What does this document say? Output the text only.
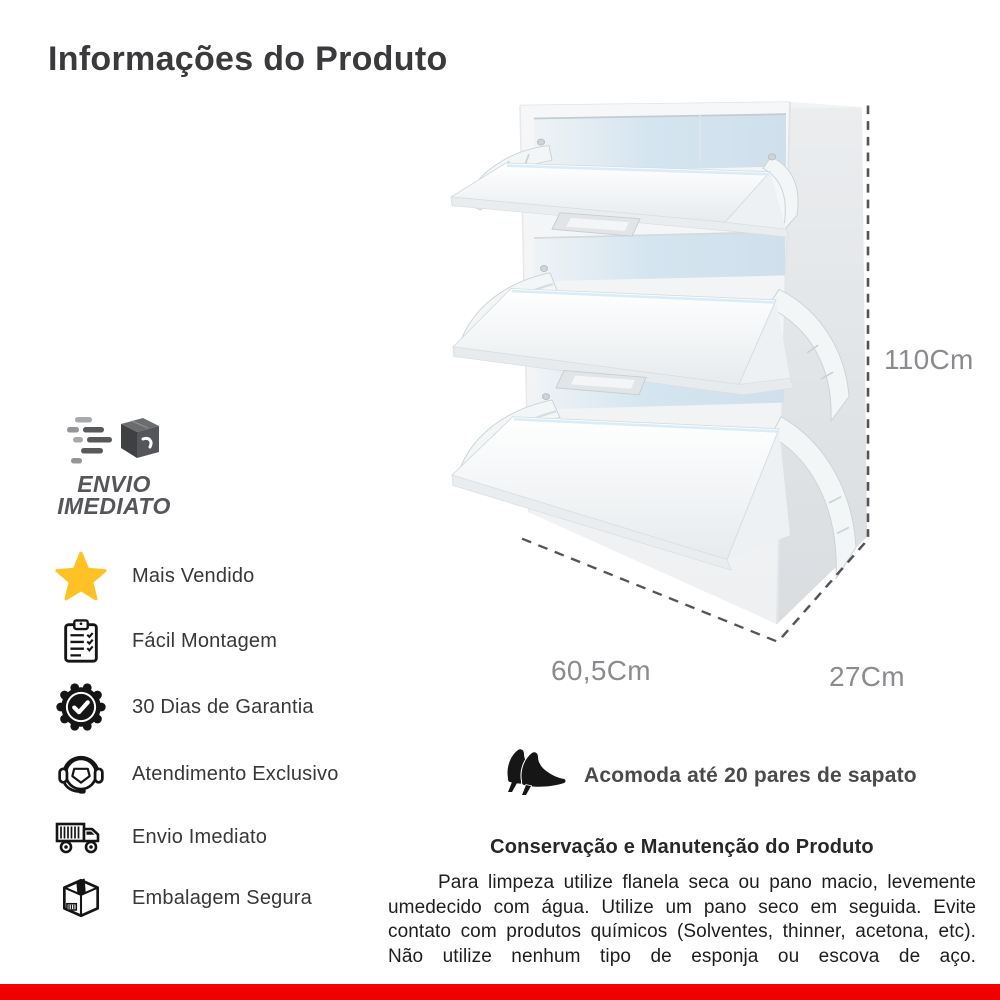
Informações do Produto
ENVIO
IMEDIATO
Mais Vendido
Fácil Montagem
30 Dias de Garantia
Atendimento Exclusivo
Envio Imediato
Embalagem Segura
110Cm
60,5Cm	27Cm
Acomoda até 20 pares de sapato
Conservação e Manutenção do Produto

Para limpeza utilize flanela seca ou pano macio, levemente umedecido com água. Utilize um pano seco em seguida. Evite contato com produtos químicos (Solventes, thinner, acetona, etc). Não utilize nenhum tipo de esponja ou escova de aço.
